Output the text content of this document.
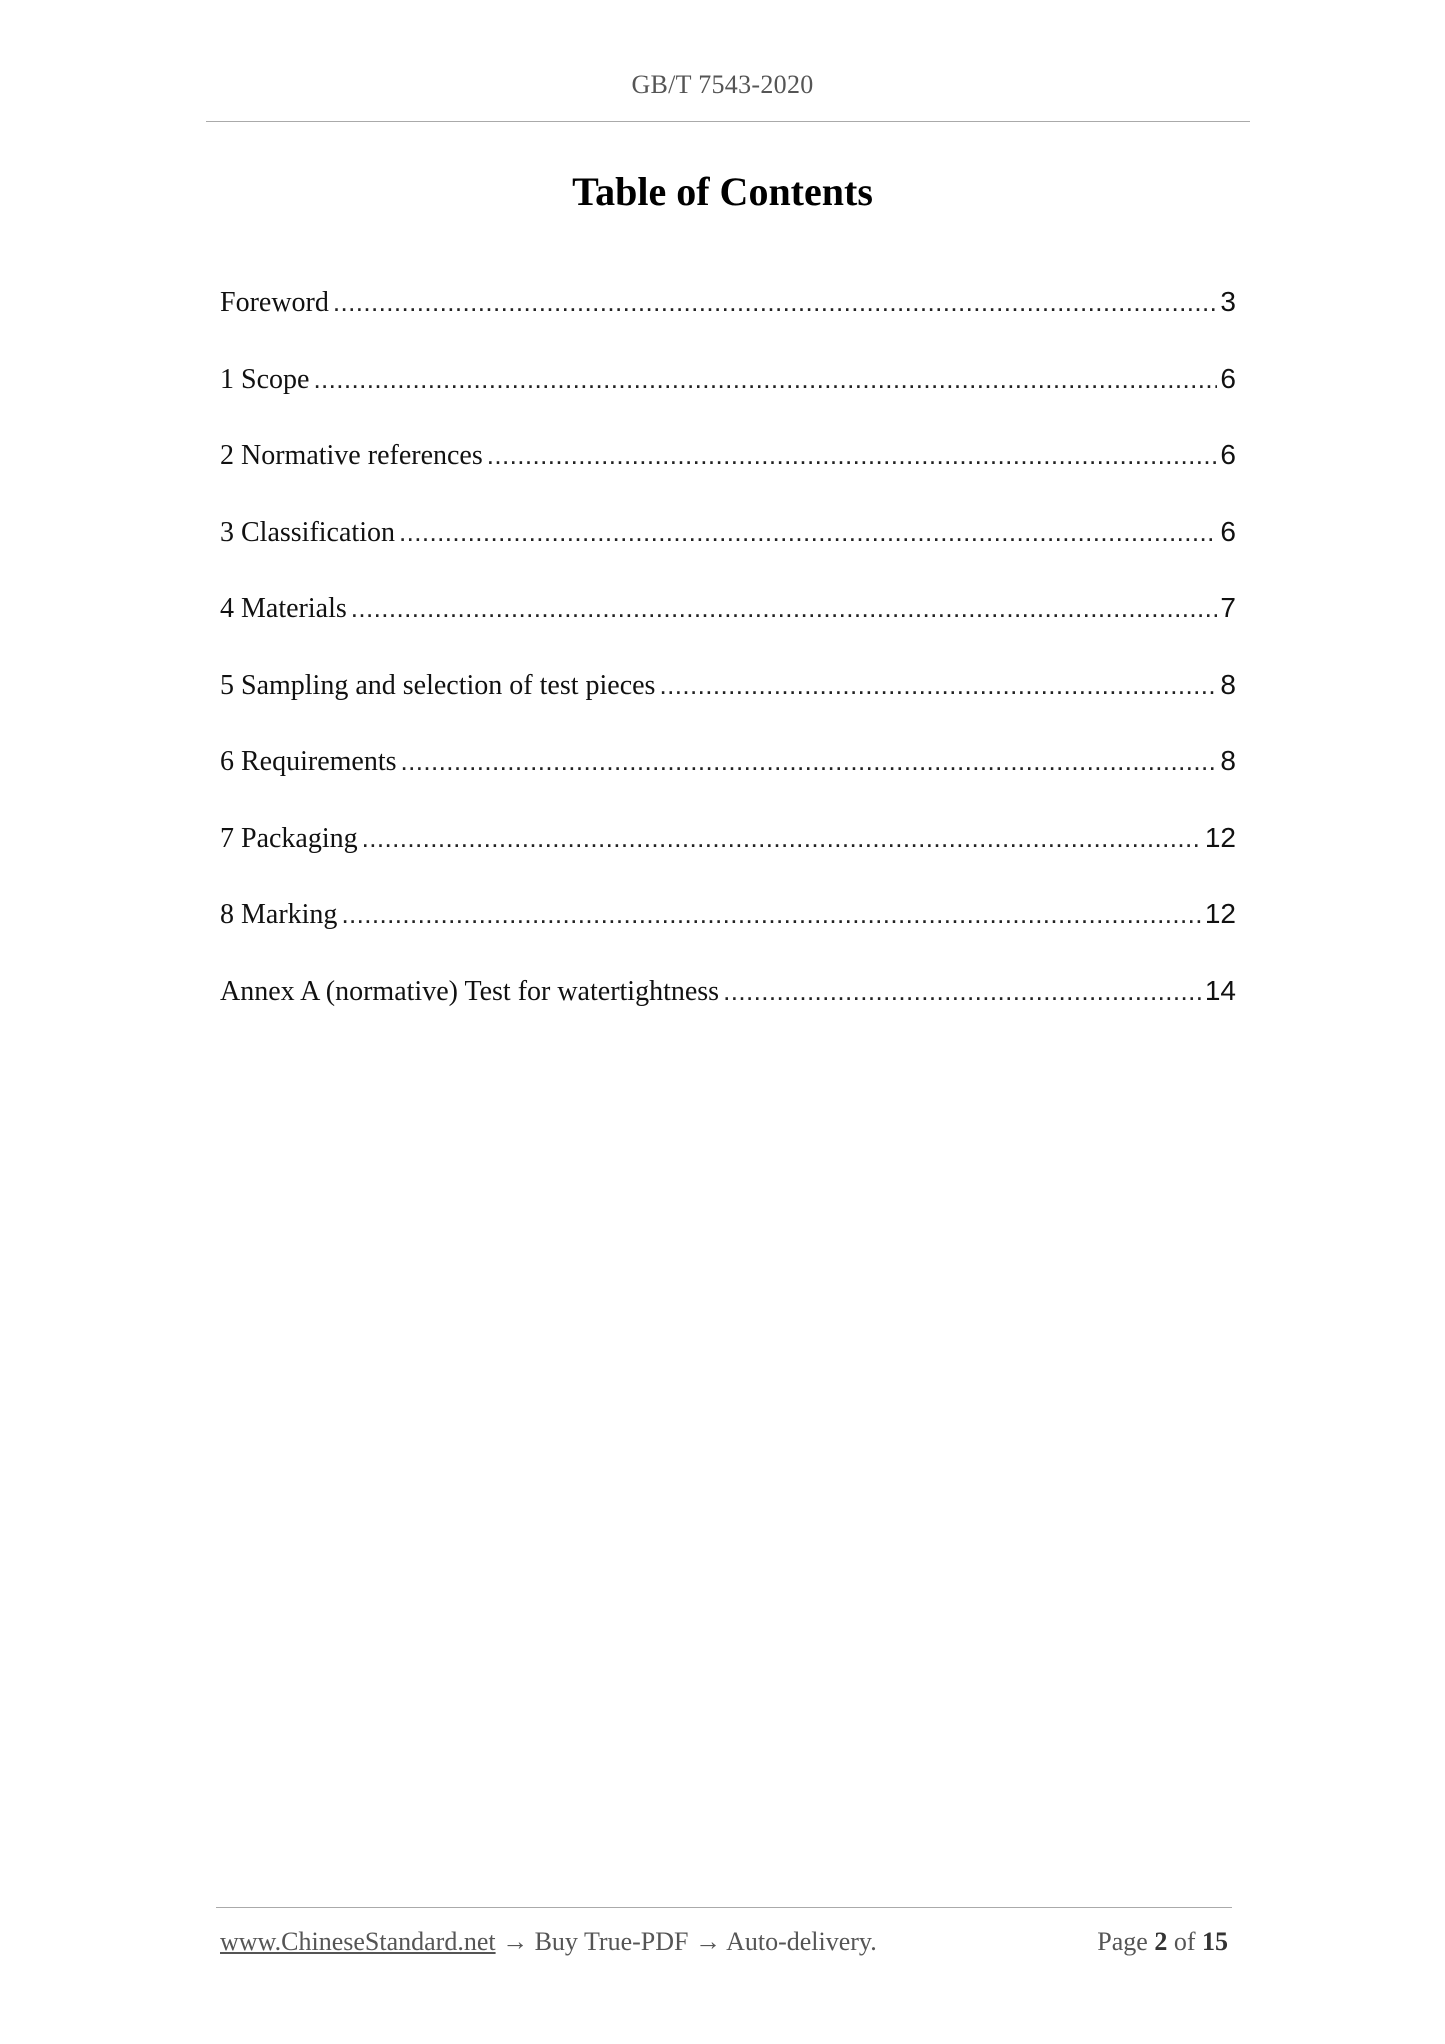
GB/T 7543-2020
Table of Contents
Foreword .....	3
1 Scope .....	6
2 Normative references .....	6
3 Classification .....	6
4 Materials .....	7
5 Sampling and selection of test pieces .....	8
6 Requirements .....	8
7 Packaging .....	12
8 Marking .....	12
Annex A (normative) Test for watertightness .....	14
www.ChineseStandard.net → Buy True-PDF → Auto-delivery.	Page 2 of 15
